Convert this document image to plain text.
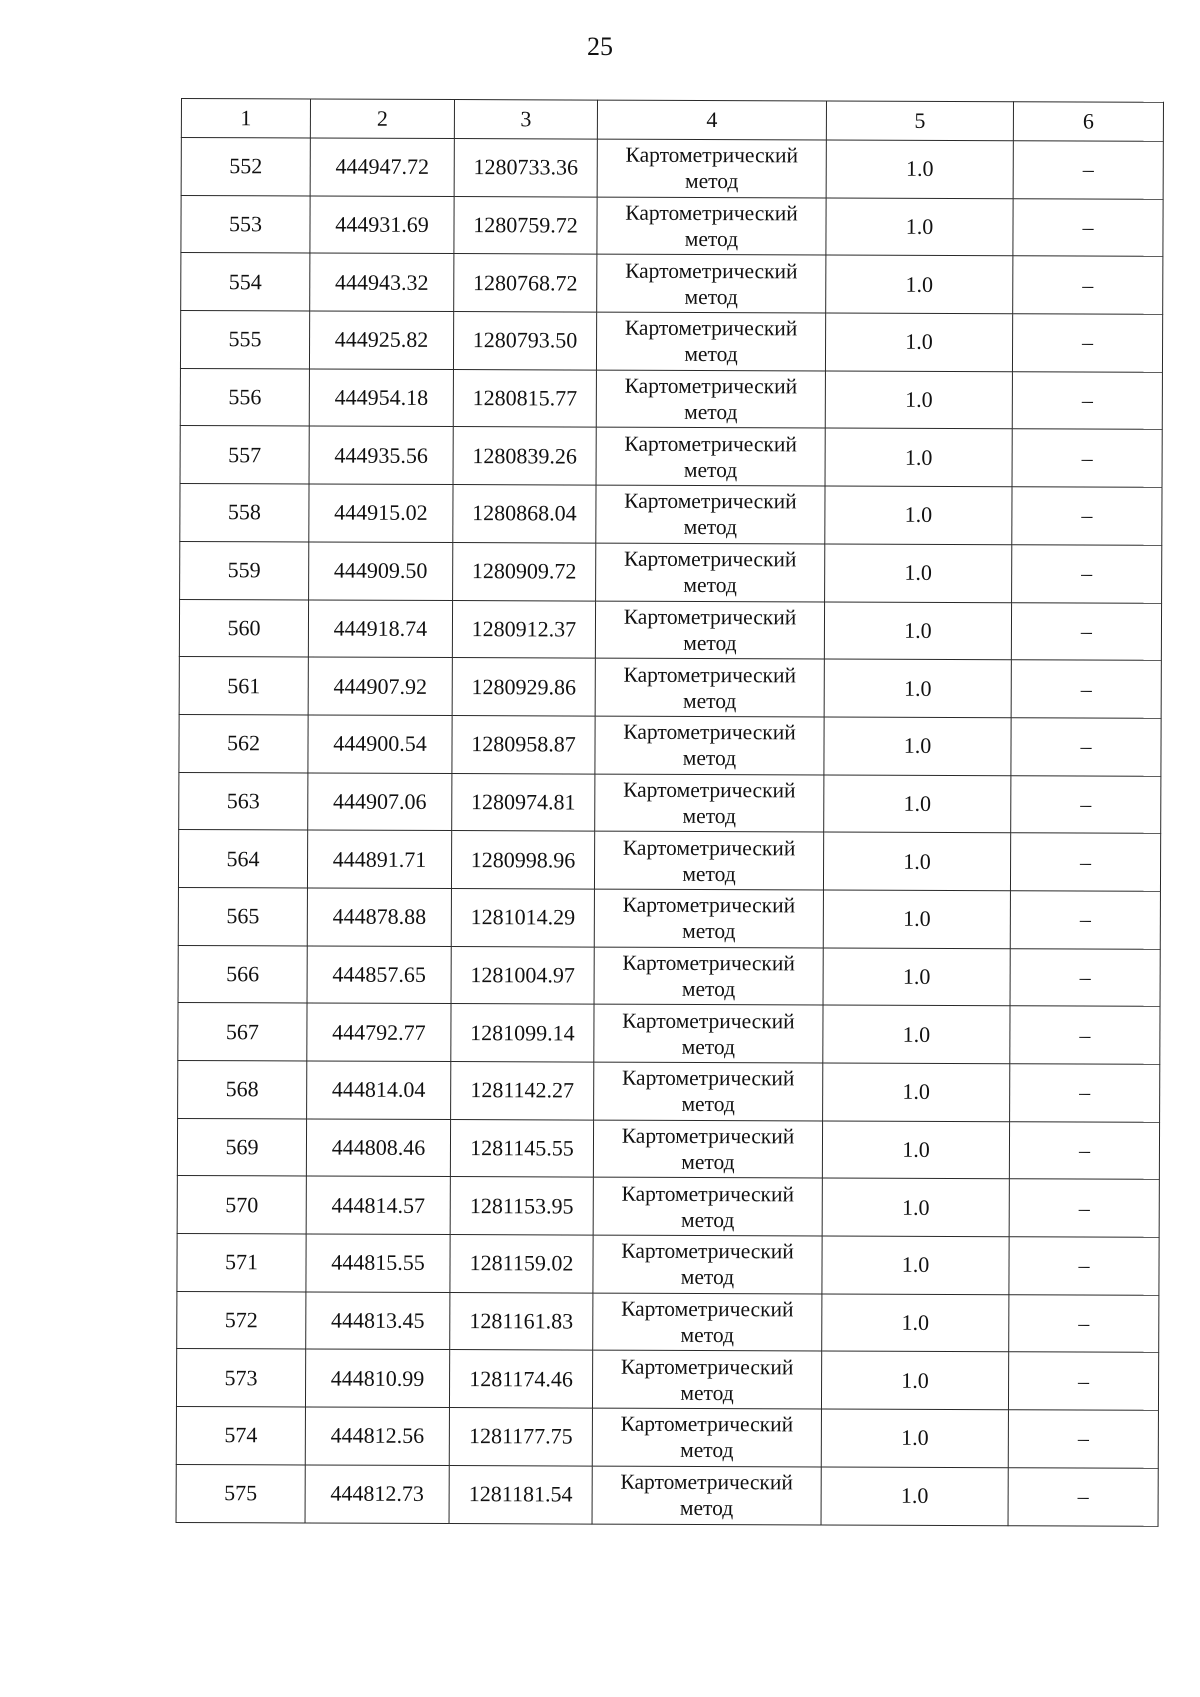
25
1	2	3	4	5	6
552	444947.72	1280733.36	Картометрический метод	1.0	–
553	444931.69	1280759.72	Картометрический метод	1.0	–
554	444943.32	1280768.72	Картометрический метод	1.0	–
555	444925.82	1280793.50	Картометрический метод	1.0	–
556	444954.18	1280815.77	Картометрический метод	1.0	–
557	444935.56	1280839.26	Картометрический метод	1.0	–
558	444915.02	1280868.04	Картометрический метод	1.0	–
559	444909.50	1280909.72	Картометрический метод	1.0	–
560	444918.74	1280912.37	Картометрический метод	1.0	–
561	444907.92	1280929.86	Картометрический метод	1.0	–
562	444900.54	1280958.87	Картометрический метод	1.0	–
563	444907.06	1280974.81	Картометрический метод	1.0	–
564	444891.71	1280998.96	Картометрический метод	1.0	–
565	444878.88	1281014.29	Картометрический метод	1.0	–
566	444857.65	1281004.97	Картометрический метод	1.0	–
567	444792.77	1281099.14	Картометрический метод	1.0	–
568	444814.04	1281142.27	Картометрический метод	1.0	–
569	444808.46	1281145.55	Картометрический метод	1.0	–
570	444814.57	1281153.95	Картометрический метод	1.0	–
571	444815.55	1281159.02	Картометрический метод	1.0	–
572	444813.45	1281161.83	Картометрический метод	1.0	–
573	444810.99	1281174.46	Картометрический метод	1.0	–
574	444812.56	1281177.75	Картометрический метод	1.0	–
575	444812.73	1281181.54	Картометрический метод	1.0	–
